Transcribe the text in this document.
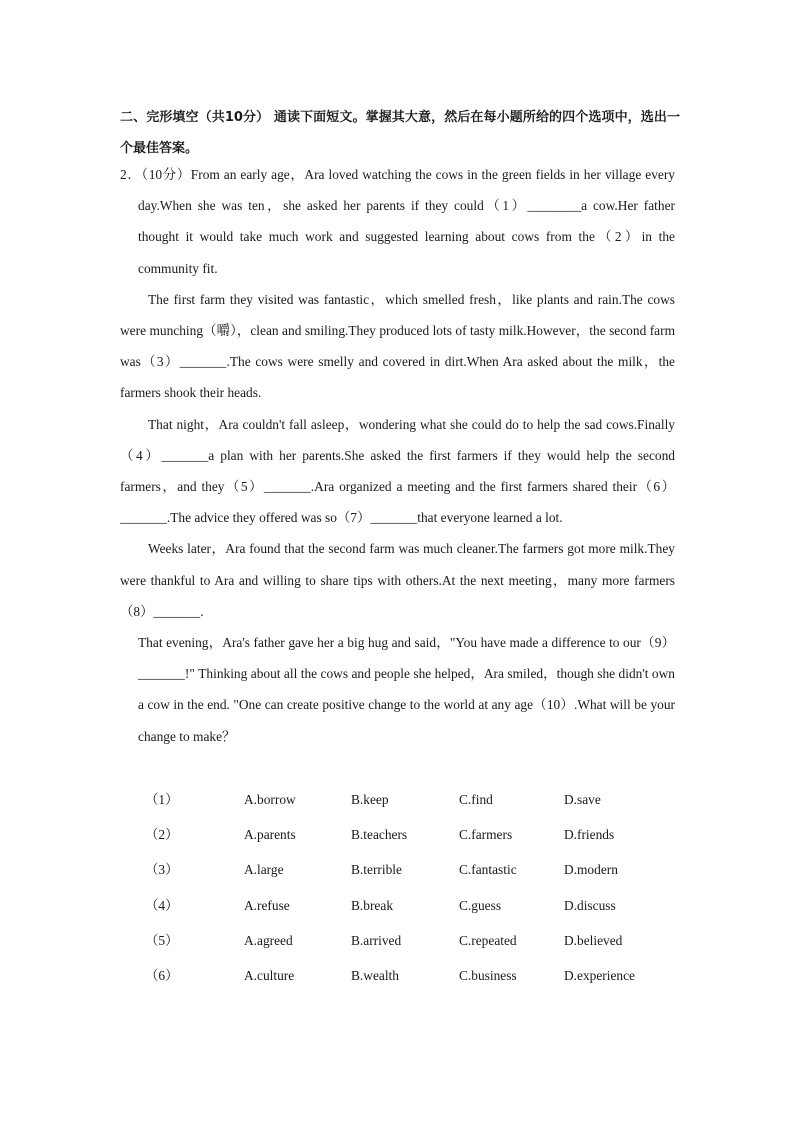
二、完形填空（共10分） 通读下面短文。掌握其大意，然后在每小题所给的四个选项中，选出一个最佳答案。

2．（10分）From an early age，Ara loved watching the cows in the green fields in her village every day.When she was ten，she asked her parents if they could（1）________a cow.Her father thought it would take much work and suggested learning about cows from the（2）in the community fit.

The first farm they visited was fantastic，which smelled fresh，like plants and rain.The cows were munching（嚼），clean and smiling.They produced lots of tasty milk.However，the second farm was（3）_______.The cows were smelly and covered in dirt.When Ara asked about the milk，the farmers shook their heads.

That night，Ara couldn't fall asleep，wondering what she could do to help the sad cows.Finally（4）_______a plan with her parents.She asked the first farmers if they would help the second farmers，and they（5）_______.Ara organized a meeting and the first farmers shared their（6）_______.The advice they offered was so（7）_______that everyone learned a lot.

Weeks later，Ara found that the second farm was much cleaner.The farmers got more milk.They were thankful to Ara and willing to share tips with others.At the next meeting，many more farmers（8）_______.

That evening，Ara's father gave her a big hug and said，"You have made a difference to our（9）_______!" Thinking about all the cows and people she helped，Ara smiled，though she didn't own a cow in the end. "One can create positive change to the world at any age（10）.What will be your change to make？

（1）	A.borrow	B.keep	C.find	D.save
（2）	A.parents	B.teachers	C.farmers	D.friends
（3）	A.large	B.terrible	C.fantastic	D.modern
（4）	A.refuse	B.break	C.guess	D.discuss
（5）	A.agreed	B.arrived	C.repeated	D.believed
（6）	A.culture	B.wealth	C.business	D.experience
